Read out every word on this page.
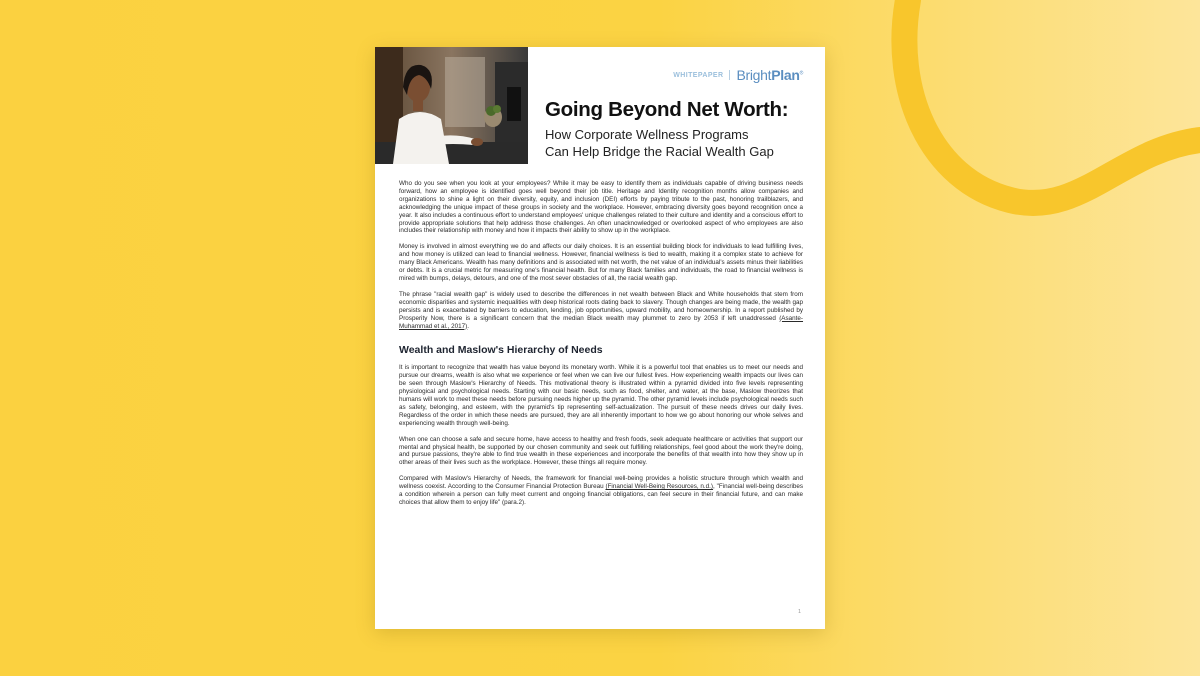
WHITEPAPER BrightPlan®
Going Beyond Net Worth:
How Corporate Wellness Programs
Can Help Bridge the Racial Wealth Gap

Who do you see when you look at your employees? While it may be easy to identify them as individuals capable of driving business needs forward, how an employee is identified goes well beyond their job title. Heritage and Identity recognition months allow companies and organizations to shine a light on their diversity, equity, and inclusion (DEI) efforts by paying tribute to the past, honoring trailblazers, and acknowledging the unique impact of these groups in society and the workplace. However, embracing diversity goes beyond recognition once a year. It also includes a continuous effort to understand employees' unique challenges related to their culture and identity and a conscious effort to provide appropriate solutions that help address those challenges. An often unacknowledged or overlooked aspect of who employees are also includes their relationship with money and how it impacts their ability to show up in the workplace.

Money is involved in almost everything we do and affects our daily choices. It is an essential building block for individuals to lead fulfilling lives, and how money is utilized can lead to financial wellness. However, financial wellness is tied to wealth, making it a complex state to achieve for many Black Americans. Wealth has many definitions and is associated with net worth, the net value of an individual's assets minus their liabilities or debts. It is a crucial metric for measuring one's financial health. But for many Black families and individuals, the road to financial wellness is mired with bumps, delays, detours, and one of the most sever obstacles of all, the racial wealth gap.

The phrase "racial wealth gap" is widely used to describe the differences in net wealth between Black and White households that stem from economic disparities and systemic inequalities with deep historical roots dating back to slavery. Though changes are being made, the wealth gap persists and is exacerbated by barriers to education, lending, job opportunities, upward mobility, and homeownership. In a report published by Prosperity Now, there is a significant concern that the median Black wealth may plummet to zero by 2053 if left unaddressed (Asante-Muhammad et al., 2017).

Wealth and Maslow's Hierarchy of Needs

It is important to recognize that wealth has value beyond its monetary worth. While it is a powerful tool that enables us to meet our needs and pursue our dreams, wealth is also what we experience or feel when we can live our fullest lives. How experiencing wealth impacts our lives can be seen through Maslow's Hierarchy of Needs. This motivational theory is illustrated within a pyramid divided into five levels representing physiological and psychological needs. Starting with our basic needs, such as food, shelter, and water, at the base, Maslow theorizes that humans will work to meet these needs before pursuing needs higher up the pyramid. The other pyramid levels include psychological needs such as safety, belonging, and esteem, with the pyramid's tip representing self-actualization. The pursuit of these needs drives our daily lives. Regardless of the order in which these needs are pursued, they are all inherently important to how we go about honoring our whole selves and experiencing wealth through well-being.

When one can choose a safe and secure home, have access to healthy and fresh foods, seek adequate healthcare or activities that support our mental and physical health, be supported by our chosen community and seek out fulfilling relationships, feel good about the work they're doing, and pursue passions, they're able to find true wealth in these experiences and incorporate the benefits of that wealth into how they show up in other areas of their lives such as the workplace. However, these things all require money.

Compared with Maslow's Hierarchy of Needs, the framework for financial well-being provides a holistic structure through which wealth and wellness coexist. According to the Consumer Financial Protection Bureau (Financial Well-Being Resources, n.d.), "Financial well-being describes a condition wherein a person can fully meet current and ongoing financial obligations, can feel secure in their financial future, and can make choices that allow them to enjoy life" (para.2).

1
